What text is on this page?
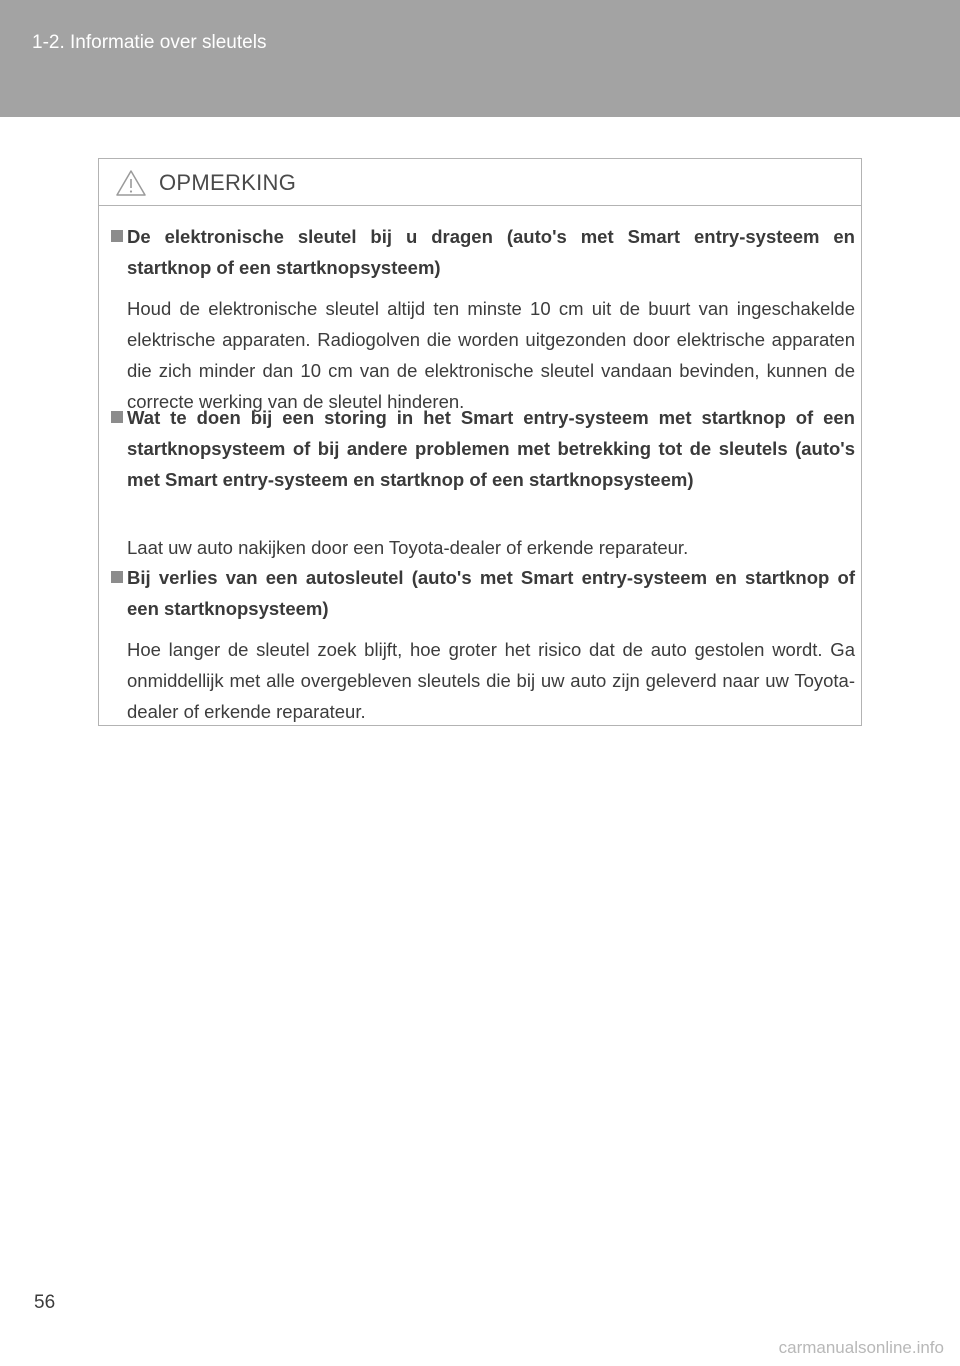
1-2. Informatie over sleutels
OPMERKING
De elektronische sleutel bij u dragen (auto's met Smart entry-systeem en startknop of een startknopsysteem)
Houd de elektronische sleutel altijd ten minste 10 cm uit de buurt van ingeschakelde elektrische apparaten. Radiogolven die worden uitgezonden door elektrische apparaten die zich minder dan 10 cm van de elektronische sleutel vandaan bevinden, kunnen de correcte werking van de sleutel hinderen.
Wat te doen bij een storing in het Smart entry-systeem met startknop of een startknopsysteem of bij andere problemen met betrekking tot de sleutels (auto's met Smart entry-systeem en startknop of een startknopsysteem)
Laat uw auto nakijken door een Toyota-dealer of erkende reparateur.
Bij verlies van een autosleutel (auto's met Smart entry-systeem en startknop of een startknopsysteem)
Hoe langer de sleutel zoek blijft, hoe groter het risico dat de auto gestolen wordt. Ga onmiddellijk met alle overgebleven sleutels die bij uw auto zijn geleverd naar uw Toyota-dealer of erkende reparateur.
56
carmanualsonline.info
